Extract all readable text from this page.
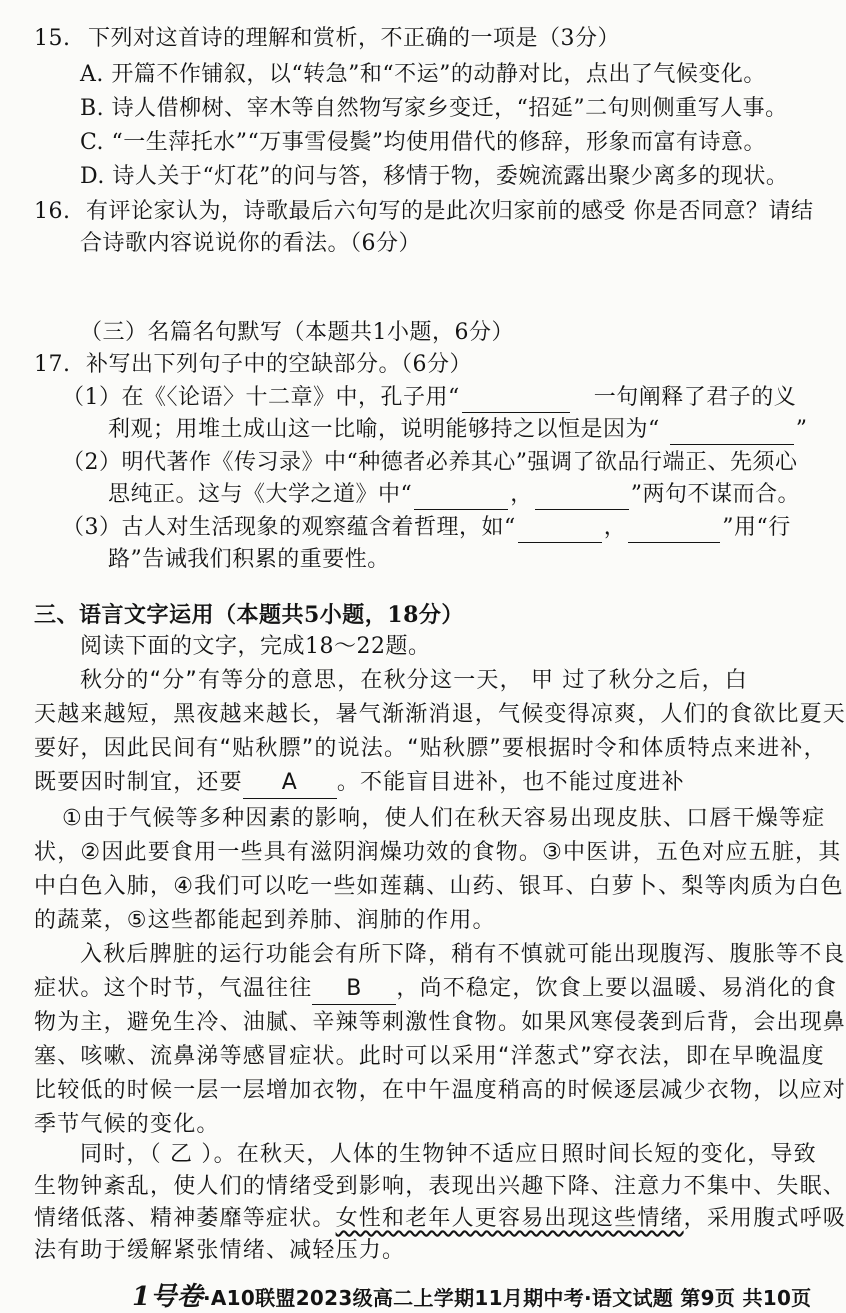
15. 下列对这首诗的理解和赏析，不正确的一项是（3分）
A. 开篇不作铺叙，以“转急”和“不运”的动静对比，点出了气候变化。
B. 诗人借柳树、宰木等自然物写家乡变迁，“招延”二句则侧重写人事。
C. “一生萍托水”“万事雪侵鬓”均使用借代的修辞，形象而富有诗意。
D. 诗人关于“灯花”的问与答，移情于物，委婉流露出聚少离多的现状。
16. 有评论家认为，诗歌最后六句写的是此次归家前的感受 你是否同意？请结
合诗歌内容说说你的看法。（6分）
（三）名篇名句默写（本题共1小题，6分）
17. 补写出下列句子中的空缺部分。（6分）
（1）在《〈论语〉十二章》中，孔子用“	一句阐释了君子的义
利观；用堆土成山这一比喻，说明能够持之以恒是因为“	”
（2）明代著作《传习录》中“种德者必养其心”强调了欲品行端正、先须心
思纯正。这与《大学之道》中“	，	”两句不谋而合。
（3）古人对生活现象的观察蕴含着哲理，如“	，	”用“行
路”告诫我们积累的重要性。
三、语言文字运用（本题共5小题，18分）
阅读下面的文字，完成18～22题。
秋分的“分”有等分的意思，在秋分这一天， 甲 过了秋分之后，白
天越来越短，黑夜越来越长，暑气渐渐消退，气候变得凉爽，人们的食欲比夏天
要好，因此民间有“贴秋膘”的说法。“贴秋膘”要根据时令和体质特点来进补，
既要因时制宜，还要 A 。不能盲目进补，也不能过度进补
①由于气候等多种因素的影响，使人们在秋天容易出现皮肤、口唇干燥等症
状，②因此要食用一些具有滋阴润燥功效的食物。③中医讲，五色对应五脏，其
中白色入肺，④我们可以吃一些如莲藕、山药、银耳、白萝卜、梨等肉质为白色
的蔬菜，⑤这些都能起到养肺、润肺的作用。
入秋后脾脏的运行功能会有所下降，稍有不慎就可能出现腹泻、腹胀等不良
症状。这个时节，气温往往 B ，尚不稳定，饮食上要以温暖、易消化的食
物为主，避免生冷、油腻、辛辣等刺激性食物。如果风寒侵袭到后背，会出现鼻
塞、咳嗽、流鼻涕等感冒症状。此时可以采用“洋葱式”穿衣法，即在早晚温度
比较低的时候一层一层增加衣物，在中午温度稍高的时候逐层减少衣物，以应对
季节气候的变化。
同时，（ 乙 ）。在秋天，人体的生物钟不适应日照时间长短的变化，导致
生物钟紊乱，使人们的情绪受到影响，表现出兴趣下降、注意力不集中、失眠、
情绪低落、精神萎靡等症状。女性和老年人更容易出现这些情绪，采用腹式呼吸
1号卷·A10联盟2023级高二上学期11月期中考·语文试题 第9页 共10页
法有助于缓解紧张情绪、减轻压力。
